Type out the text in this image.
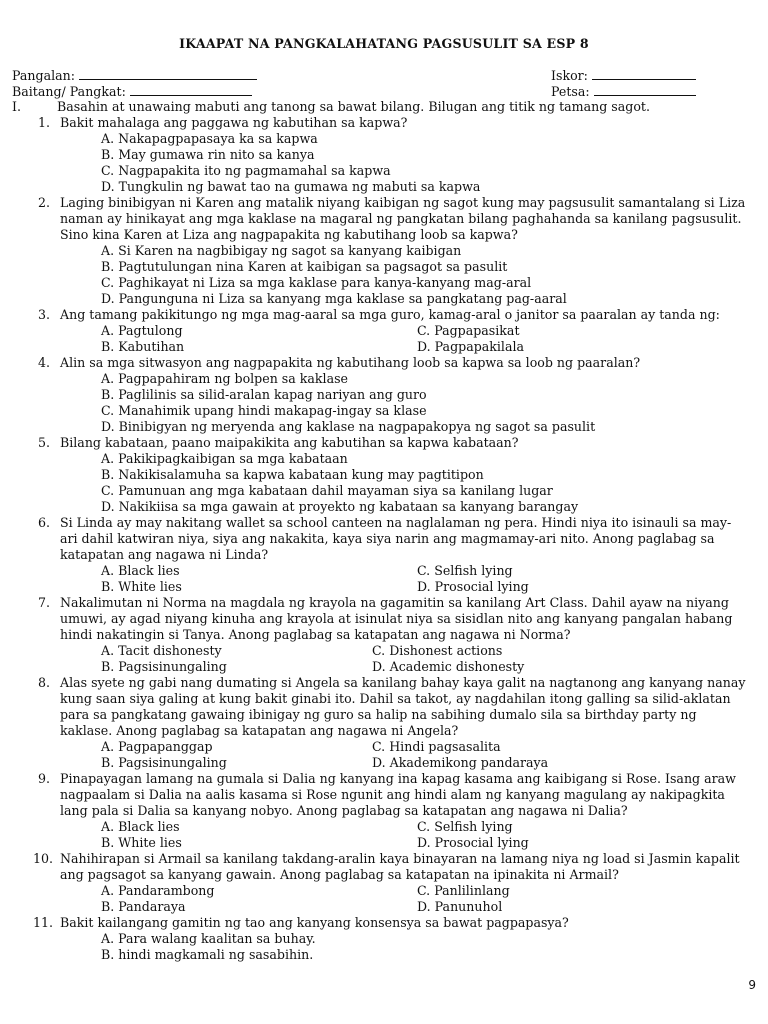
IKAAPAT NA PANGKALAHATANG PAGSUSULIT SA ESP 8
Pangalan:
Baitang/ Pangkat:
Iskor:
Petsa:
I.	Basahin at unawaing mabuti ang tanong sa bawat bilang. Bilugan ang titik ng tamang sagot.
1. Bakit mahalaga ang paggawa ng kabutihan sa kapwa?
A. Nakapagpapasaya ka sa kapwa
B. May gumawa rin nito sa kanya
C. Nagpapakita ito ng pagmamahal sa kapwa
D. Tungkulin ng bawat tao na gumawa ng mabuti sa kapwa
2. Laging binibigyan ni Karen ang matalik niyang kaibigan ng sagot kung may pagsusulit samantalang si Liza
naman ay hinikayat ang mga kaklase na magaral ng pangkatan bilang paghahanda sa kanilang pagsusulit.
Sino kina Karen at Liza ang nagpapakita ng kabutihang loob sa kapwa?
A. Si Karen na nagbibigay ng sagot sa kanyang kaibigan
B. Pagtutulungan nina Karen at kaibigan sa pagsagot sa pasulit
C. Paghikayat ni Liza sa mga kaklase para kanya-kanyang mag-aral
D. Pangunguna ni Liza sa kanyang mga kaklase sa pangkatang pag-aaral
3. Ang tamang pakikitungo ng mga mag-aaral sa mga guro, kamag-aral o janitor sa paaralan ay tanda ng:
A. Pagtulong	C. Pagpapasikat
B. Kabutihan	D. Pagpapakilala
4. Alin sa mga sitwasyon ang nagpapakita ng kabutihang loob sa kapwa sa loob ng paaralan?
A. Pagpapahiram ng bolpen sa kaklase
B. Paglilinis sa silid-aralan kapag nariyan ang guro
C. Manahimik upang hindi makapag-ingay sa klase
D. Binibigyan ng meryenda ang kaklase na nagpapakopya ng sagot sa pasulit
5. Bilang kabataan, paano maipakikita ang kabutihan sa kapwa kabataan?
A. Pakikipagkaibigan sa mga kabataan
B. Nakikisalamuha sa kapwa kabataan kung may pagtitipon
C. Pamunuan ang mga kabataan dahil mayaman siya sa kanilang lugar
D. Nakikiisa sa mga gawain at proyekto ng kabataan sa kanyang barangay
6. Si Linda ay may nakitang wallet sa school canteen na naglalaman ng pera. Hindi niya ito isinauli sa may-
ari dahil katwiran niya, siya ang nakakita, kaya siya narin ang magmamay-ari nito. Anong paglabag sa
katapatan ang nagawa ni Linda?
A. Black lies	C. Selfish lying
B. White lies	D. Prosocial lying
7. Nakalimutan ni Norma na magdala ng krayola na gagamitin sa kanilang Art Class. Dahil ayaw na niyang
umuwi, ay agad niyang kinuha ang krayola at isinulat niya sa sisidlan nito ang kanyang pangalan habang
hindi nakatingin si Tanya. Anong paglabag sa katapatan ang nagawa ni Norma?
A. Tacit dishonesty	C. Dishonest actions
B. Pagsisinungaling	D. Academic dishonesty
8. Alas syete ng gabi nang dumating si Angela sa kanilang bahay kaya galit na nagtanong ang kanyang nanay
kung saan siya galing at kung bakit ginabi ito. Dahil sa takot, ay nagdahilan itong galling sa silid-aklatan
para sa pangkatang gawaing ibinigay ng guro sa halip na sabihing dumalo sila sa birthday party ng
kaklase. Anong paglabag sa katapatan ang nagawa ni Angela?
A. Pagpapanggap	C. Hindi pagsasalita
B. Pagsisinungaling	D. Akademikong pandaraya
9. Pinapayagan lamang na gumala si Dalia ng kanyang ina kapag kasama ang kaibigang si Rose. Isang araw
nagpaalam si Dalia na aalis kasama si Rose ngunit ang hindi alam ng kanyang magulang ay nakipagkita
lang pala si Dalia sa kanyang nobyo. Anong paglabag sa katapatan ang nagawa ni Dalia?
A. Black lies	C. Selfish lying
B. White lies	D. Prosocial lying
10. Nahihirapan si Armail sa kanilang takdang-aralin kaya binayaran na lamang niya ng load si Jasmin kapalit
ang pagsagot sa kanyang gawain. Anong paglabag sa katapatan na ipinakita ni Armail?
A. Pandarambong	C. Panlilinlang
B. Pandaraya	D. Panunuhol
11. Bakit kailangang gamitin ng tao ang kanyang konsensya sa bawat pagpapasya?
A. Para walang kaalitan sa buhay.
B. hindi magkamali ng sasabihin.
9
